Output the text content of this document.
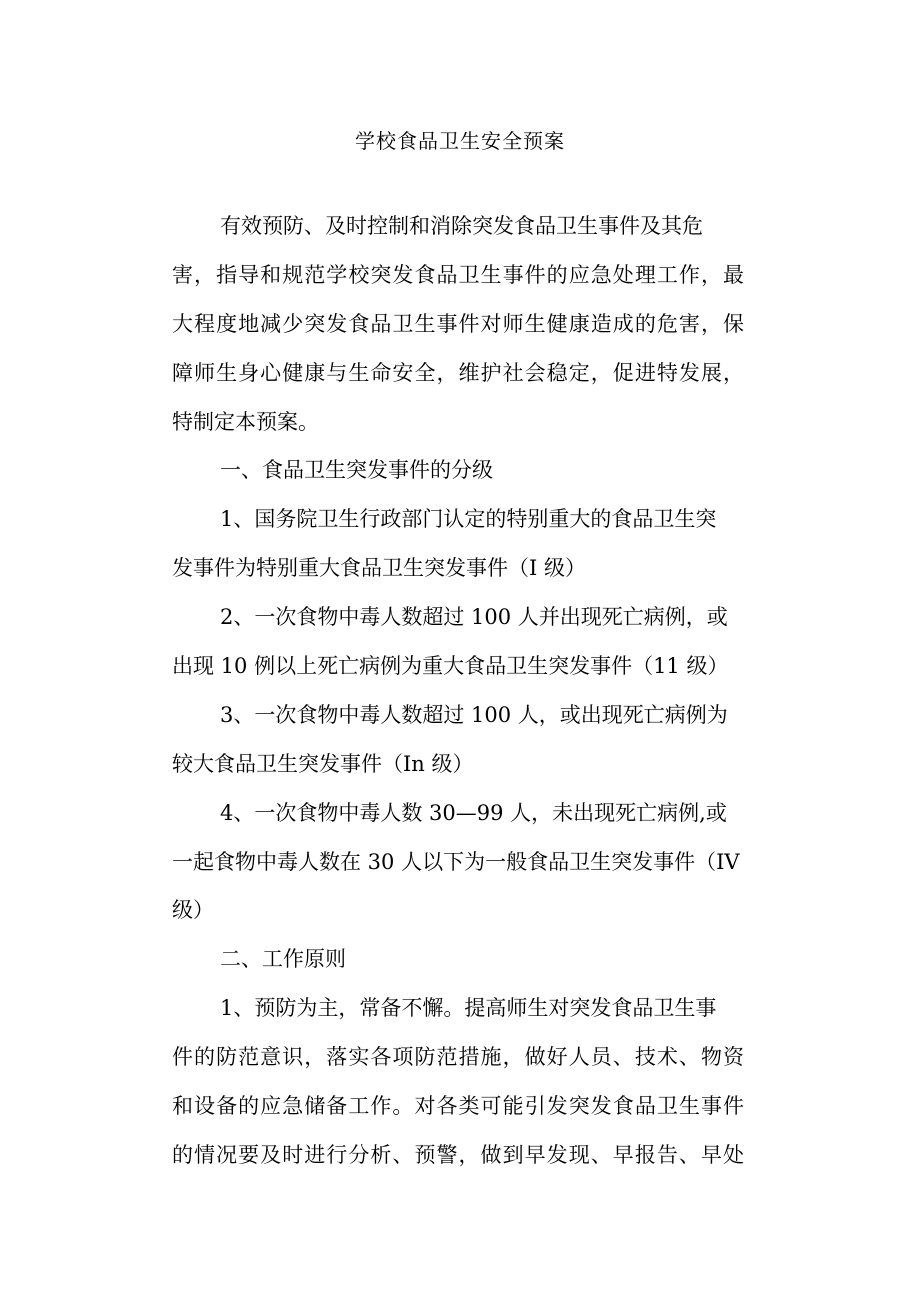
学校食品卫生安全预案
有效预防、及时控制和消除突发食品卫生事件及其危
害，指导和规范学校突发食品卫生事件的应急处理工作，最
大程度地减少突发食品卫生事件对师生健康造成的危害，保
障师生身心健康与生命安全，维护社会稳定，促进特发展，
特制定本预案。
一、食品卫生突发事件的分级
1、国务院卫生行政部门认定的特别重大的食品卫生突
发事件为特别重大食品卫生突发事件（I 级）
2、一次食物中毒人数超过 100 人并出现死亡病例，或
出现 10 例以上死亡病例为重大食品卫生突发事件（11 级）
3、一次食物中毒人数超过 100 人，或出现死亡病例为
较大食品卫生突发事件（In 级）
4、一次食物中毒人数 30—99 人，未出现死亡病例,或
一起食物中毒人数在 30 人以下为一般食品卫生突发事件（IV
级）
二、工作原则
1、预防为主，常备不懈。提高师生对突发食品卫生事
件的防范意识，落实各项防范措施，做好人员、技术、物资
和设备的应急储备工作。对各类可能引发突发食品卫生事件
的情况要及时进行分析、预警，做到早发现、早报告、早处
